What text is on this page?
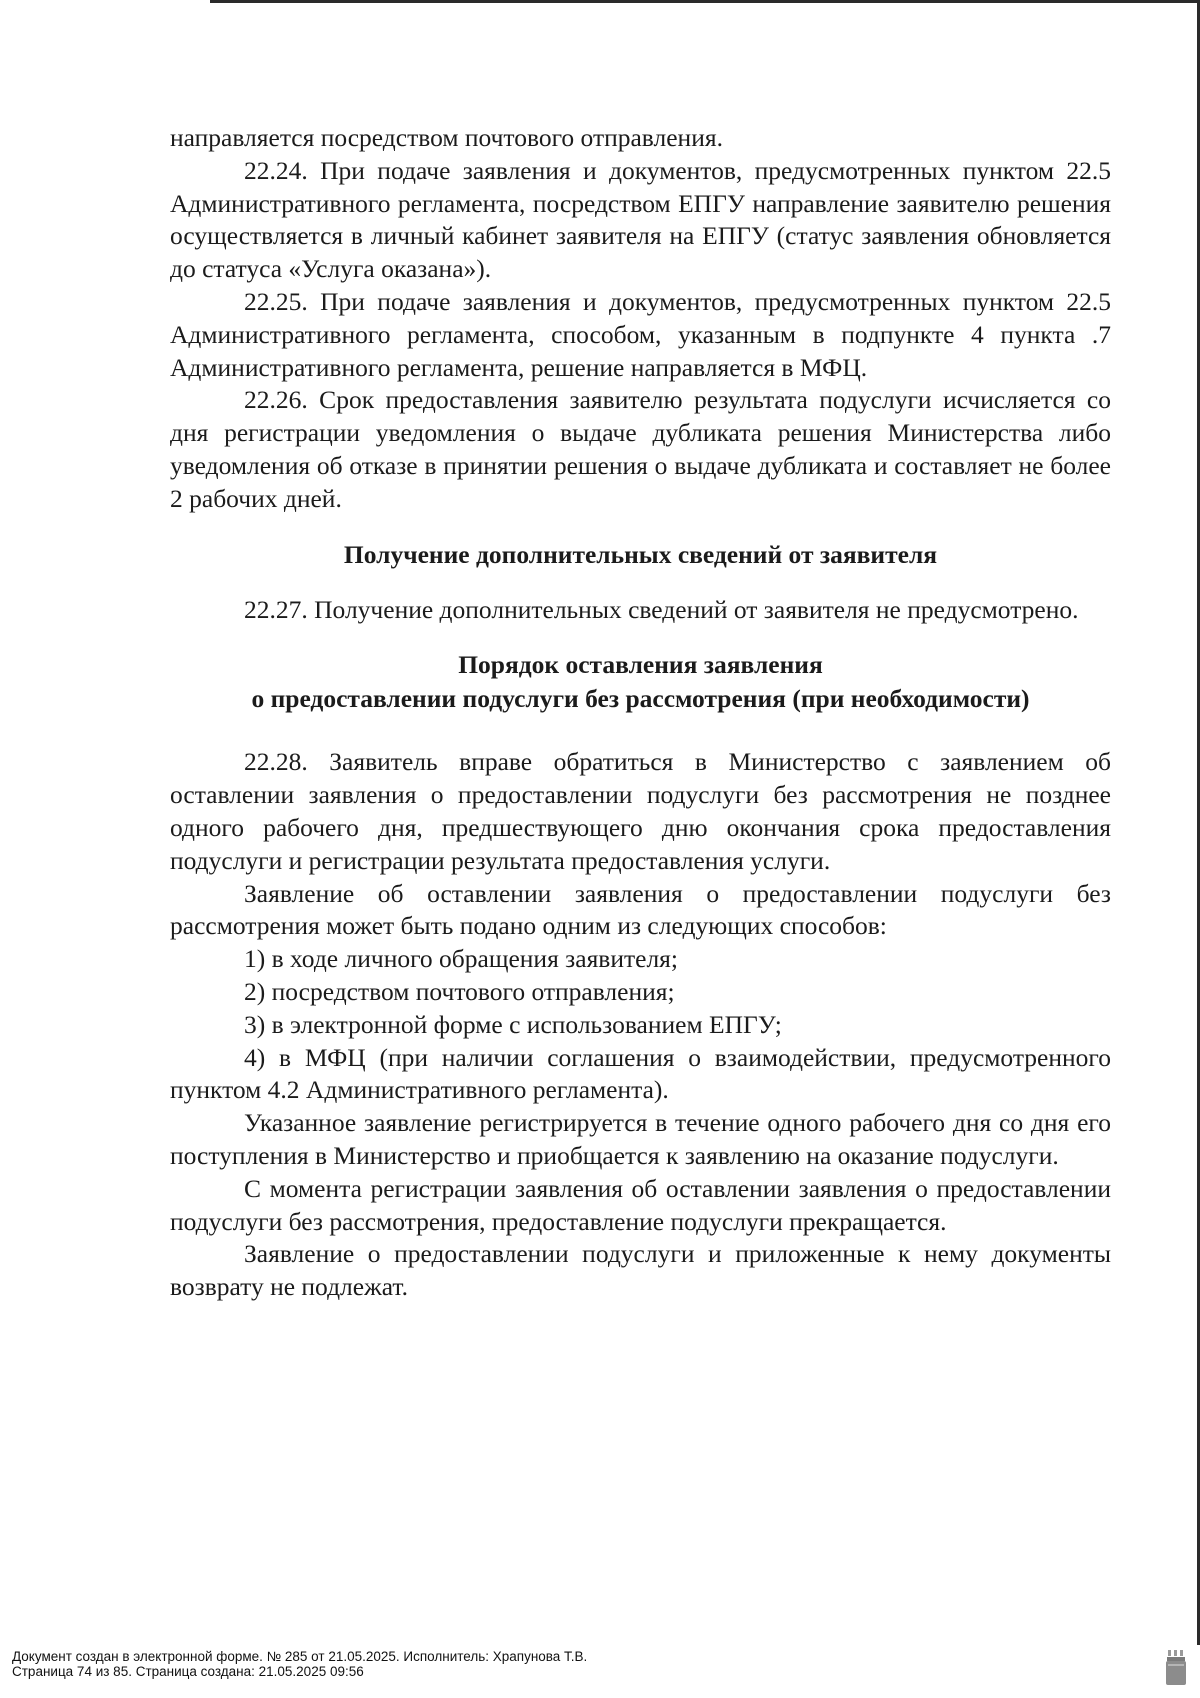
направляется посредством почтового отправления.

22.24. При подаче заявления и документов, предусмотренных пунктом 22.5 Административного регламента, посредством ЕПГУ направление заявителю решения осуществляется в личный кабинет заявителя на ЕПГУ (статус заявления обновляется до статуса «Услуга оказана»).

22.25. При подаче заявления и документов, предусмотренных пунктом 22.5 Административного регламента, способом, указанным в подпункте 4 пункта .7 Административного регламента, решение направляется в МФЦ.

22.26. Срок предоставления заявителю результата подуслуги исчисляется со дня регистрации уведомления о выдаче дубликата решения Министерства либо уведомления об отказе в принятии решения о выдаче дубликата и составляет не более 2 рабочих дней.

Получение дополнительных сведений от заявителя

22.27. Получение дополнительных сведений от заявителя не предусмотрено.

Порядок оставления заявления
о предоставлении подуслуги без рассмотрения (при необходимости)

22.28. Заявитель вправе обратиться в Министерство с заявлением об оставлении заявления о предоставлении подуслуги без рассмотрения не позднее одного рабочего дня, предшествующего дню окончания срока предоставления подуслуги и регистрации результата предоставления услуги.

Заявление об оставлении заявления о предоставлении подуслуги без рассмотрения может быть подано одним из следующих способов:

1) в ходе личного обращения заявителя;

2) посредством почтового отправления;

3) в электронной форме с использованием ЕПГУ;

4) в МФЦ (при наличии соглашения о взаимодействии, предусмотренного пунктом 4.2 Административного регламента).

Указанное заявление регистрируется в течение одного рабочего дня со дня его поступления в Министерство и приобщается к заявлению на оказание подуслуги.

С момента регистрации заявления об оставлении заявления о предоставлении подуслуги без рассмотрения, предоставление подуслуги прекращается.

Заявление о предоставлении подуслуги и приложенные к нему документы возврату не подлежат.

Документ создан в электронной форме. № 285 от 21.05.2025. Исполнитель: Храпунова Т.В.
Страница 74 из 85. Страница создана: 21.05.2025 09:56
